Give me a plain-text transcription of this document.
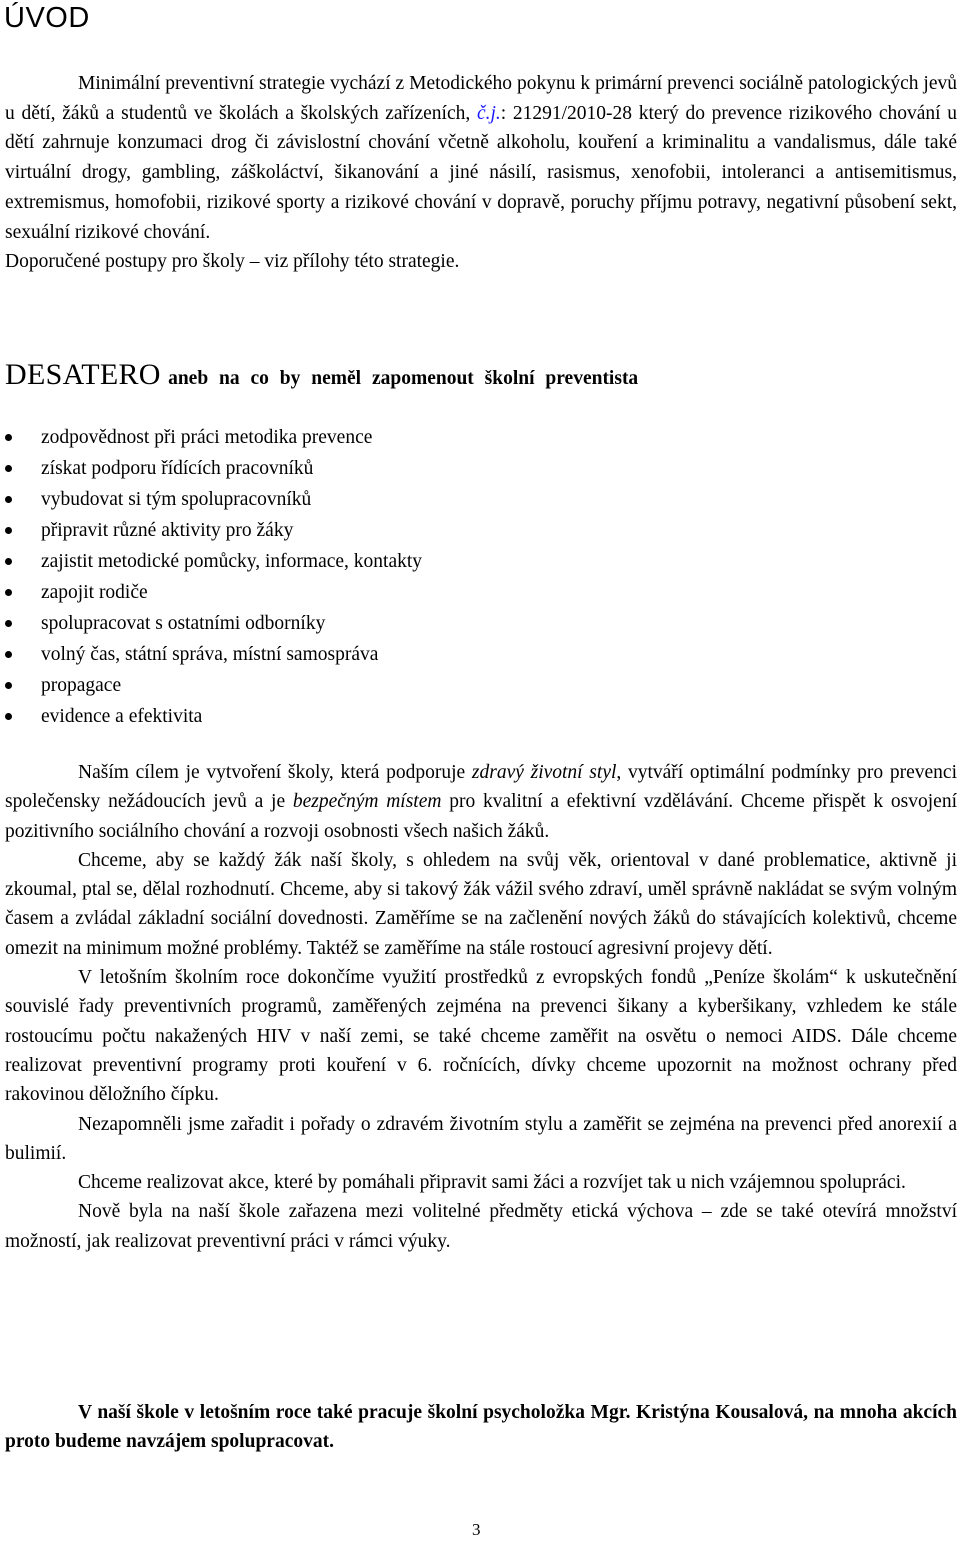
ÚVOD

Minimální preventivní strategie vychází z Metodického pokynu k primární prevenci sociálně patologických jevů u dětí, žáků a studentů ve školách a školských zařízeních, č.j.: 21291/2010-28 který do prevence rizikového chování u dětí zahrnuje konzumaci drog či závislostní chování včetně alkoholu, kouření a kriminalitu a vandalismus, dále také virtuální drogy, gambling, záškoláctví, šikanování a jiné násilí, rasismus, xenofobii, intoleranci a antisemitismus, extremismus, homofobii, rizikové sporty a rizikové chování v dopravě, poruchy příjmu potravy, negativní působení sekt, sexuální rizikové chování.
Doporučené postupy pro školy – viz přílohy této strategie.

DESATERO aneb na co by neměl zapomenout školní preventista
zodpovědnost při práci metodika prevence
získat podporu řídících pracovníků
vybudovat si tým spolupracovníků
připravit různé aktivity pro žáky
zajistit metodické pomůcky, informace, kontakty
zapojit rodiče
spolupracovat s ostatními odborníky
volný čas, státní správa, místní samospráva
propagace
evidence a efektivita

Naším cílem je vytvoření školy, která podporuje zdravý životní styl, vytváří optimální podmínky pro prevenci společensky nežádoucích jevů a je bezpečným místem pro kvalitní a efektivní vzdělávání. Chceme přispět k osvojení pozitivního sociálního chování a rozvoji osobnosti všech našich žáků.

Chceme, aby se každý žák naší školy, s ohledem na svůj věk, orientoval v dané problematice, aktivně ji zkoumal, ptal se, dělal rozhodnutí. Chceme, aby si takový žák vážil svého zdraví, uměl správně nakládat se svým volným časem a zvládal základní sociální dovednosti. Zaměříme se na začlenění nových žáků do stávajících kolektivů, chceme omezit na minimum možné problémy. Taktéž se zaměříme na stále rostoucí agresivní projevy dětí.

V letošním školním roce dokončíme využití prostředků z evropských fondů „Peníze školám“ k uskutečnění souvislé řady preventivních programů, zaměřených zejména na prevenci šikany a kyberšikany, vzhledem ke stále rostoucímu počtu nakažených HIV v naší zemi, se také chceme zaměřit na osvětu o nemoci AIDS. Dále chceme realizovat preventivní programy proti kouření v 6. ročnících, dívky chceme upozornit na možnost ochrany před rakovinou děložního čípku.

Nezapomněli jsme zařadit i pořady o zdravém životním stylu a zaměřit se zejména na prevenci před anorexií a bulimií.

Chceme realizovat akce, které by pomáhali připravit sami žáci a rozvíjet tak u nich vzájemnou spolupráci.

Nově byla na naší škole zařazena mezi volitelné předměty etická výchova – zde se také otevírá množství možností, jak realizovat preventivní práci v rámci výuky.

V naší škole v letošním roce také pracuje školní psycholožka Mgr. Kristýna Kousalová, na mnoha akcích proto budeme navzájem spolupracovat.

3
